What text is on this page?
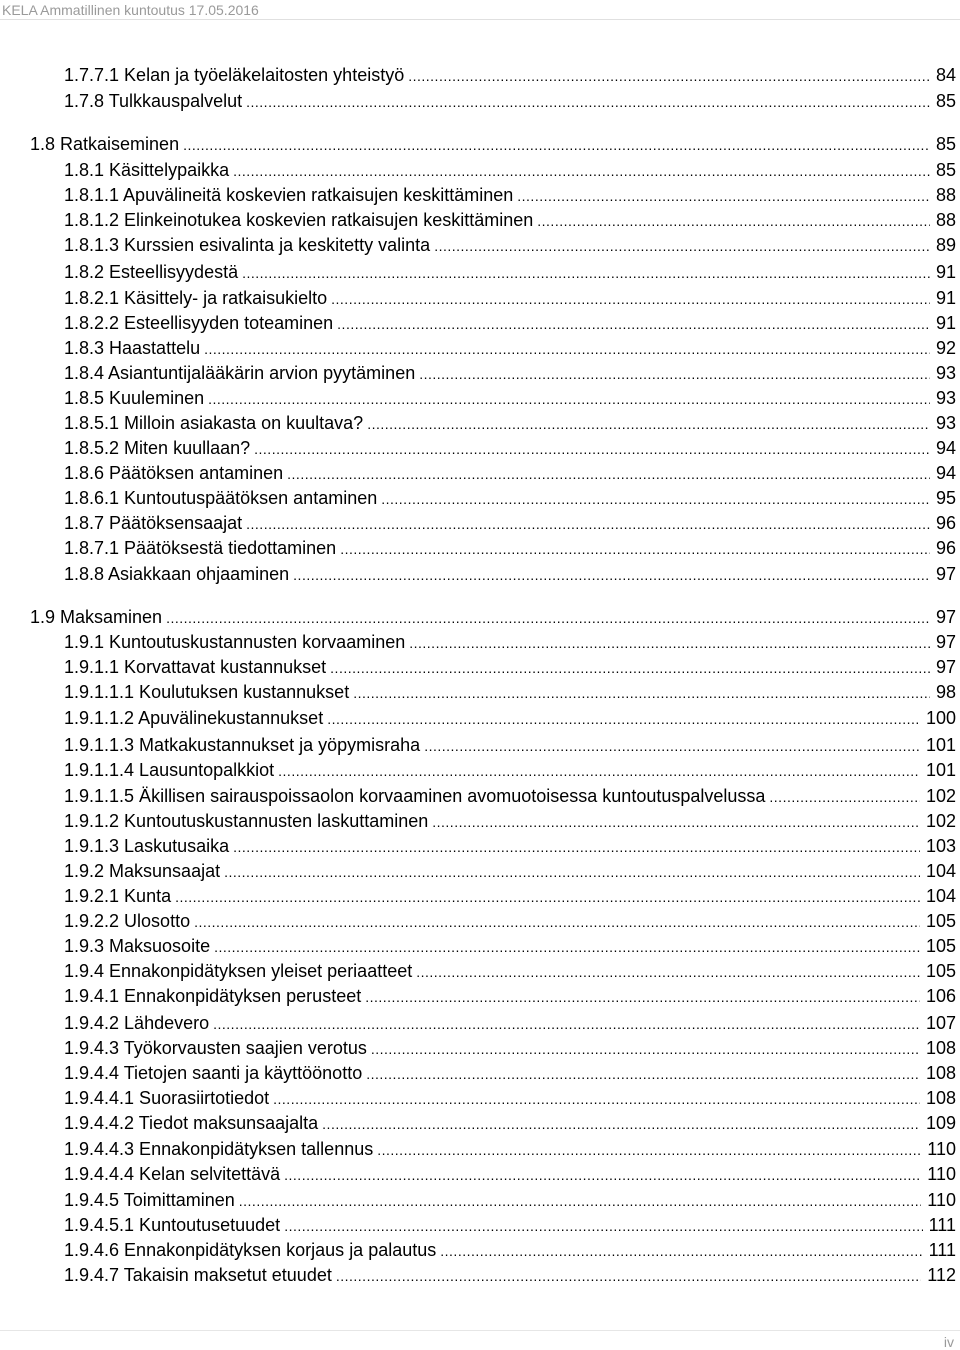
KELA Ammatillinen kuntoutus 17.05.2016
1.7.7.1 Kelan ja työeläkelaitosten yhteistyö .....	84
1.7.8 Tulkkauspalvelut .....	85
1.8 Ratkaiseminen .....	85
1.8.1 Käsittelypaikka .....	85
1.8.1.1 Apuvälineitä koskevien ratkaisujen keskittäminen .....	88
1.8.1.2 Elinkeinotukea koskevien ratkaisujen keskittäminen .....	88
1.8.1.3 Kurssien esivalinta ja keskitetty valinta .....	89
1.8.2 Esteellisyydestä .....	91
1.8.2.1 Käsittely- ja ratkaisukielto .....	91
1.8.2.2 Esteellisyyden toteaminen .....	91
1.8.3 Haastattelu .....	92
1.8.4 Asiantuntijalääkärin arvion pyytäminen .....	93
1.8.5 Kuuleminen .....	93
1.8.5.1 Milloin asiakasta on kuultava? .....	93
1.8.5.2 Miten kuullaan? .....	94
1.8.6 Päätöksen antaminen .....	94
1.8.6.1 Kuntoutuspäätöksen antaminen .....	95
1.8.7 Päätöksensaajat .....	96
1.8.7.1 Päätöksestä tiedottaminen .....	96
1.8.8 Asiakkaan ohjaaminen .....	97
1.9 Maksaminen .....	97
1.9.1 Kuntoutuskustannusten korvaaminen .....	97
1.9.1.1 Korvattavat kustannukset .....	97
1.9.1.1.1 Koulutuksen kustannukset .....	98
1.9.1.1.2 Apuvälinekustannukset .....	100
1.9.1.1.3 Matkakustannukset ja yöpymisraha .....	101
1.9.1.1.4 Lausuntopalkkiot .....	101
1.9.1.1.5 Äkillisen sairauspoissaolon korvaaminen avomuotoisessa kuntoutuspalvelussa .....	102
1.9.1.2 Kuntoutuskustannusten laskuttaminen .....	102
1.9.1.3 Laskutusaika .....	103
1.9.2 Maksunsaajat .....	104
1.9.2.1 Kunta .....	104
1.9.2.2 Ulosotto .....	105
1.9.3 Maksuosoite .....	105
1.9.4 Ennakonpidätyksen yleiset periaatteet .....	105
1.9.4.1 Ennakonpidätyksen perusteet .....	106
1.9.4.2 Lähdevero .....	107
1.9.4.3 Työkorvausten saajien verotus .....	108
1.9.4.4 Tietojen saanti ja käyttöönotto .....	108
1.9.4.4.1 Suorasiirtotiedot .....	108
1.9.4.4.2 Tiedot maksunsaajalta .....	109
1.9.4.4.3 Ennakonpidätyksen tallennus .....	110
1.9.4.4.4 Kelan selvitettävä .....	110
1.9.4.5 Toimittaminen .....	110
1.9.4.5.1 Kuntoutusetuudet .....	111
1.9.4.6 Ennakonpidätyksen korjaus ja palautus .....	111
1.9.4.7 Takaisin maksetut etuudet .....	112
iv
